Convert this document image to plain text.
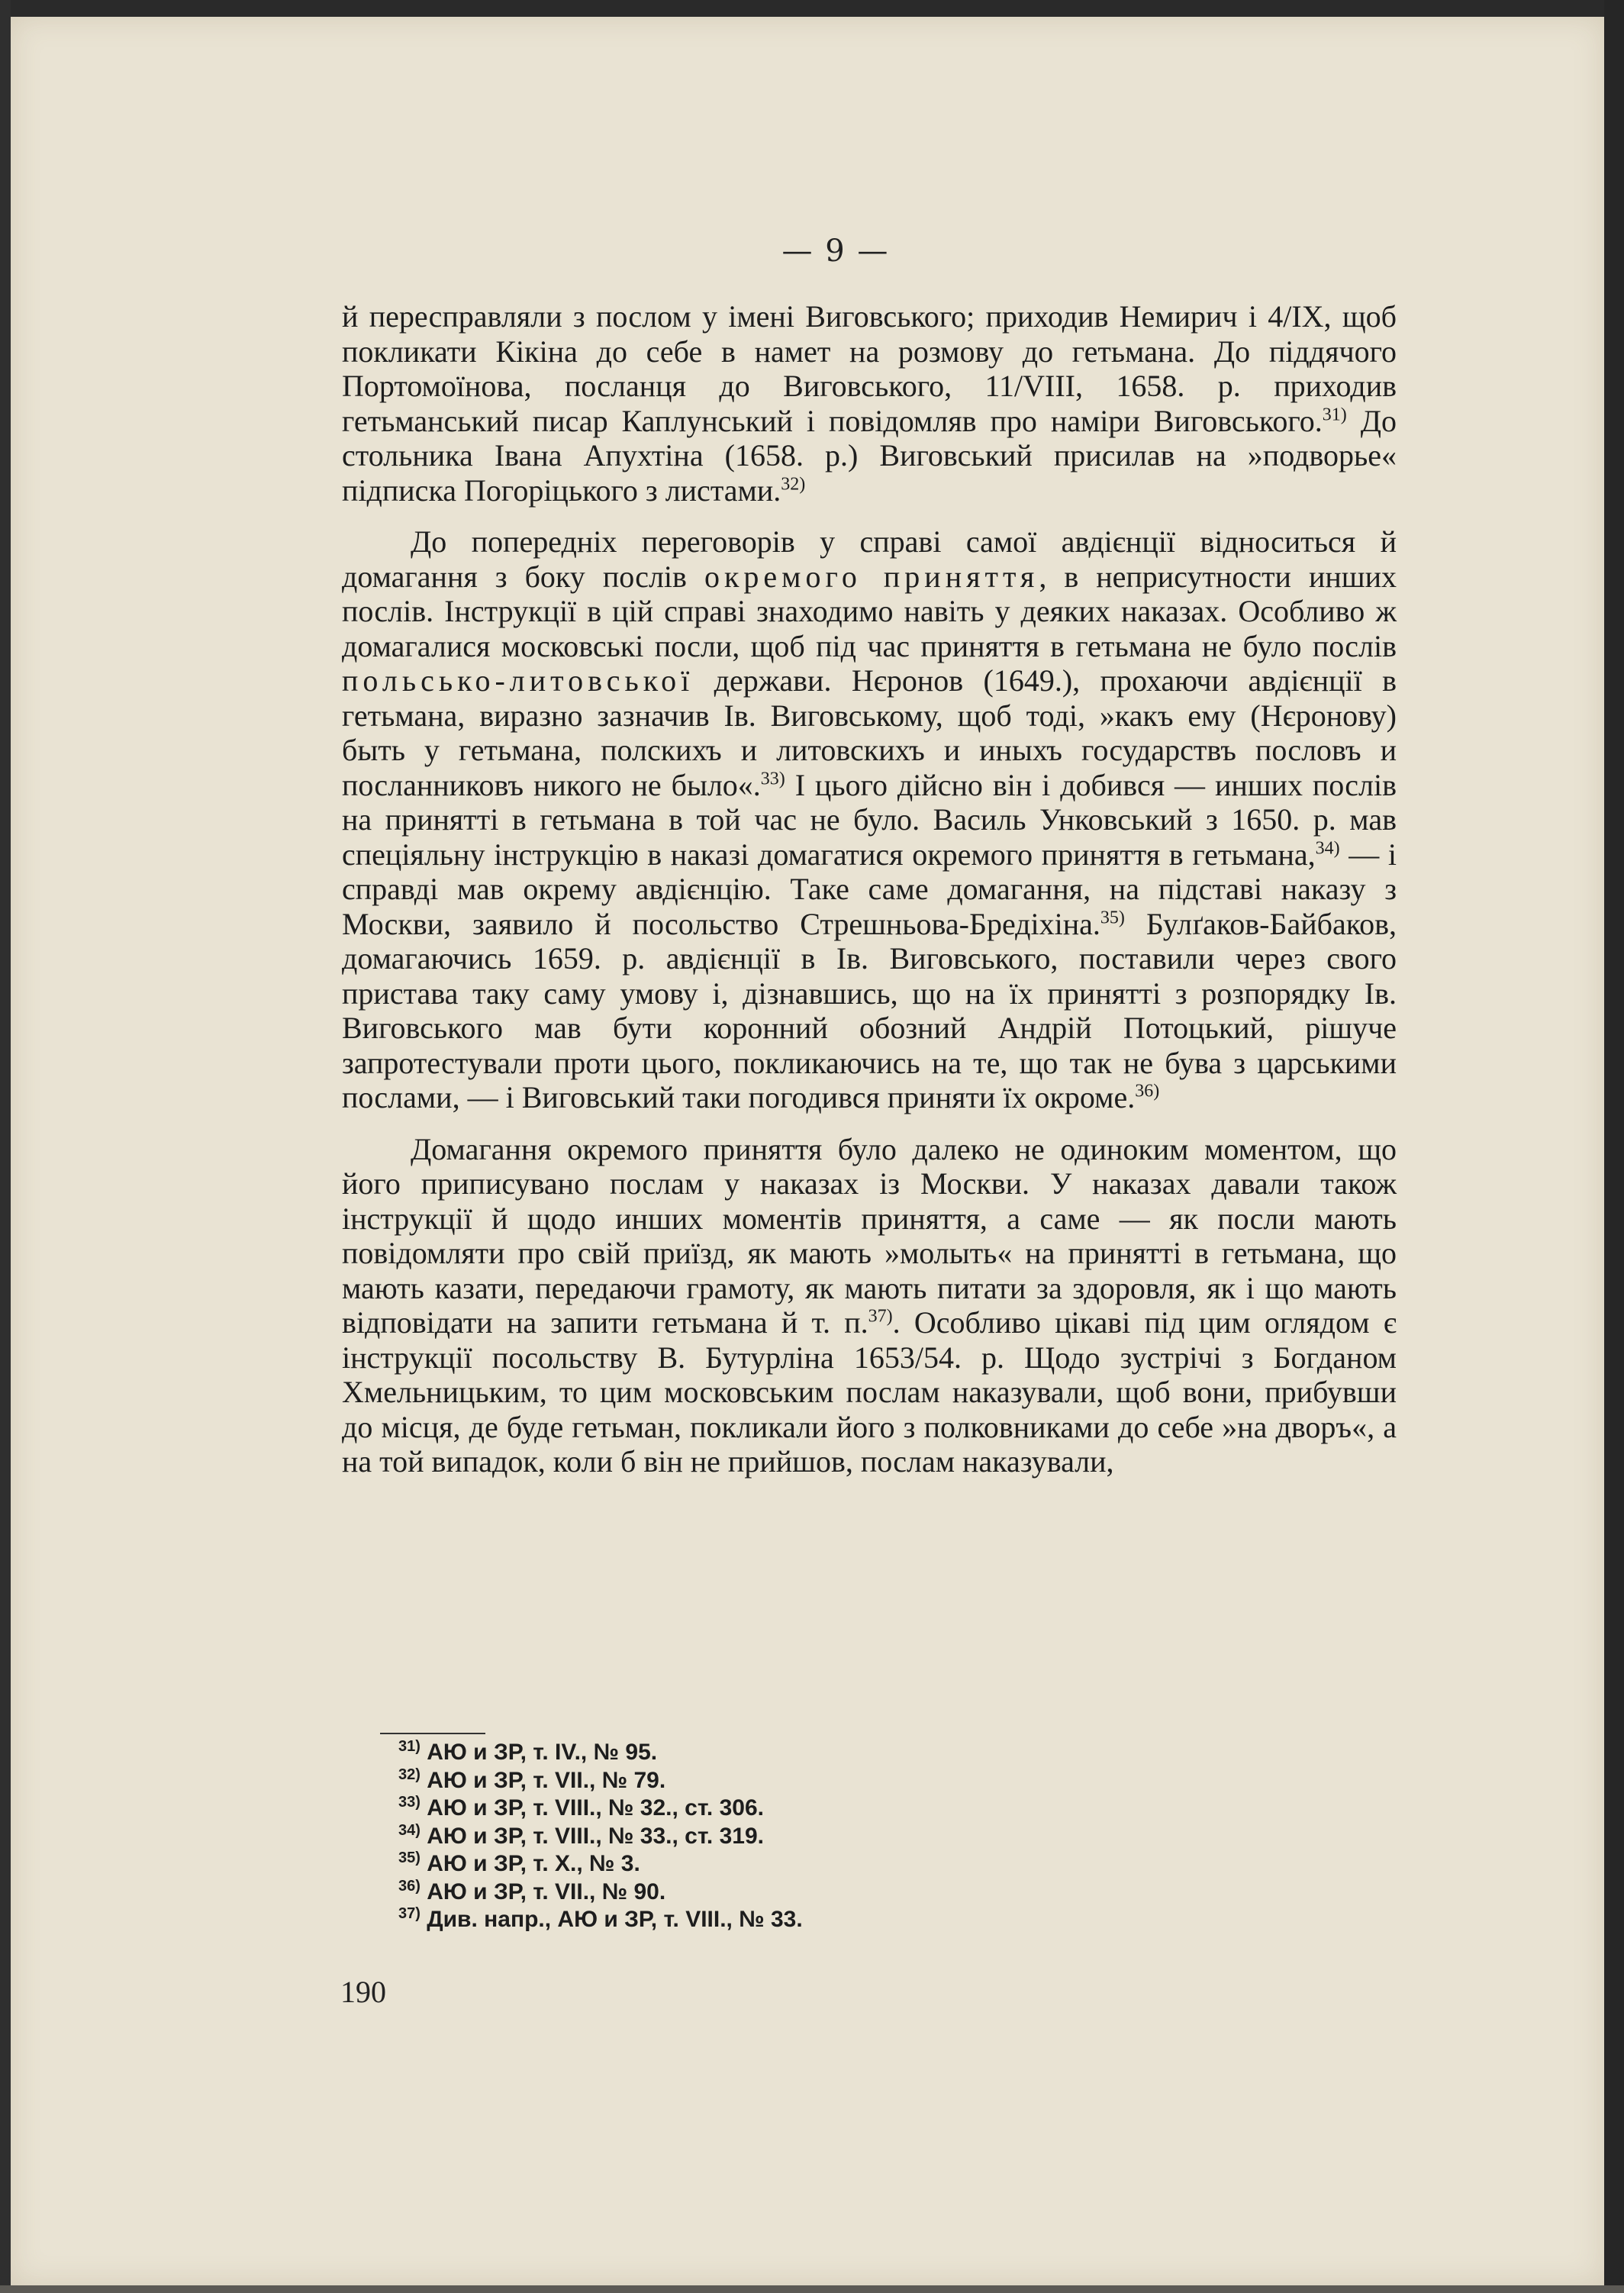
— 9 —

й переспpавляли з послом у імені Виговського; приходив Немирич і 4/IX, щоб покликати Кікіна до себе в намет на розмову до гетьмана. До піддячого Портомоїнова, посланця до Виговського, 11/VIII, 1658. р. приходив гетьманський писар Каплунський і повідомляв про наміри Виговського.$^{31)}$ До стольника Івана Апухтіна (1658. р.) Виговський присилав на »подворье« підписка Погоріцького з листами.$^{32)}$

До попередніх переговорів у справі самої авдієнції відноситься й домагання з боку послів окремого приняття, в неприсутности инших послів. Інструкції в цій справі знаходимо навіть у деяких наказах. Особливо ж домагалися московські посли, щоб під час приняття в гетьмана не було послів польсько-литовської держави. Нєронов (1649.), прохаючи авдієнції в гетьмана, виразно зазначив Ів. Виговському, щоб тоді, »какъ ему (Нєронову) быть у гетьмана, полскихъ и литовскихъ и иныхъ государствъ пословъ и посланниковъ никого не было«.$^{33)}$ І цього дійсно він і добився — инших послів на принятті в гетьмана в той час не було. Василь Унковський з 1650. р. мав спеціяльну інструкцію в наказі домагатися окремого приняття в гетьмана,$^{34)}$ — і справді мав окрему авдієнцію. Таке саме домагання, на підставі наказу з Москви, заявило й посольство Стрешньова-Бредіхіна.$^{35)}$ Булґаков-Байбаков, домагаючись 1659. р. авдієнції в Ів. Виговського, поставили через свого пристава таку саму умову і, дізнавшись, що на їх принятті з розпорядку Ів. Виговського мав бути коронний обозний Андрій Потоцький, рішуче запротестували проти цього, покликаючись на те, що так не бува з царськими послами, — і Виговський таки погодився приняти їх окроме.$^{36)}$

Домагання окремого приняття було далеко не одиноким моментом, що його приписувано послам у наказах із Москви. У наказах давали також інструкції й щодо инших моментів приняття, а саме — як посли мають повідомляти про свій приїзд, як мають »молыть« на принятті в гетьмана, що мають казати, передаючи грамоту, як мають питати за здоровля, як і що мають відповідати на запити гетьмана й т. п.$^{37)}$. Особливо цікаві під цим оглядом є інструкції посольству В. Бутурліна 1653/54. р. Щодо зустрічі з Богданом Хмельницьким, то цим московським послам наказували, щоб вони, прибувши до місця, де буде гетьман, покликали його з полковниками до себе »на дворъ«, а на той випадок, коли б він не прийшов, послам наказували,

$^{31)}$ АЮ и ЗР, т. IV., № 95.
$^{32)}$ АЮ и ЗР, т. VII., № 79.
$^{33)}$ АЮ и ЗР, т. VIII., № 32., ст. 306.
$^{34)}$ АЮ и ЗР, т. VIII., № 33., ст. 319.
$^{35)}$ АЮ и ЗР, т. X., № 3.
$^{36)}$ АЮ и ЗР, т. VII., № 90.
$^{37)}$ Див. напр., АЮ и ЗР, т. VIII., № 33.
190
